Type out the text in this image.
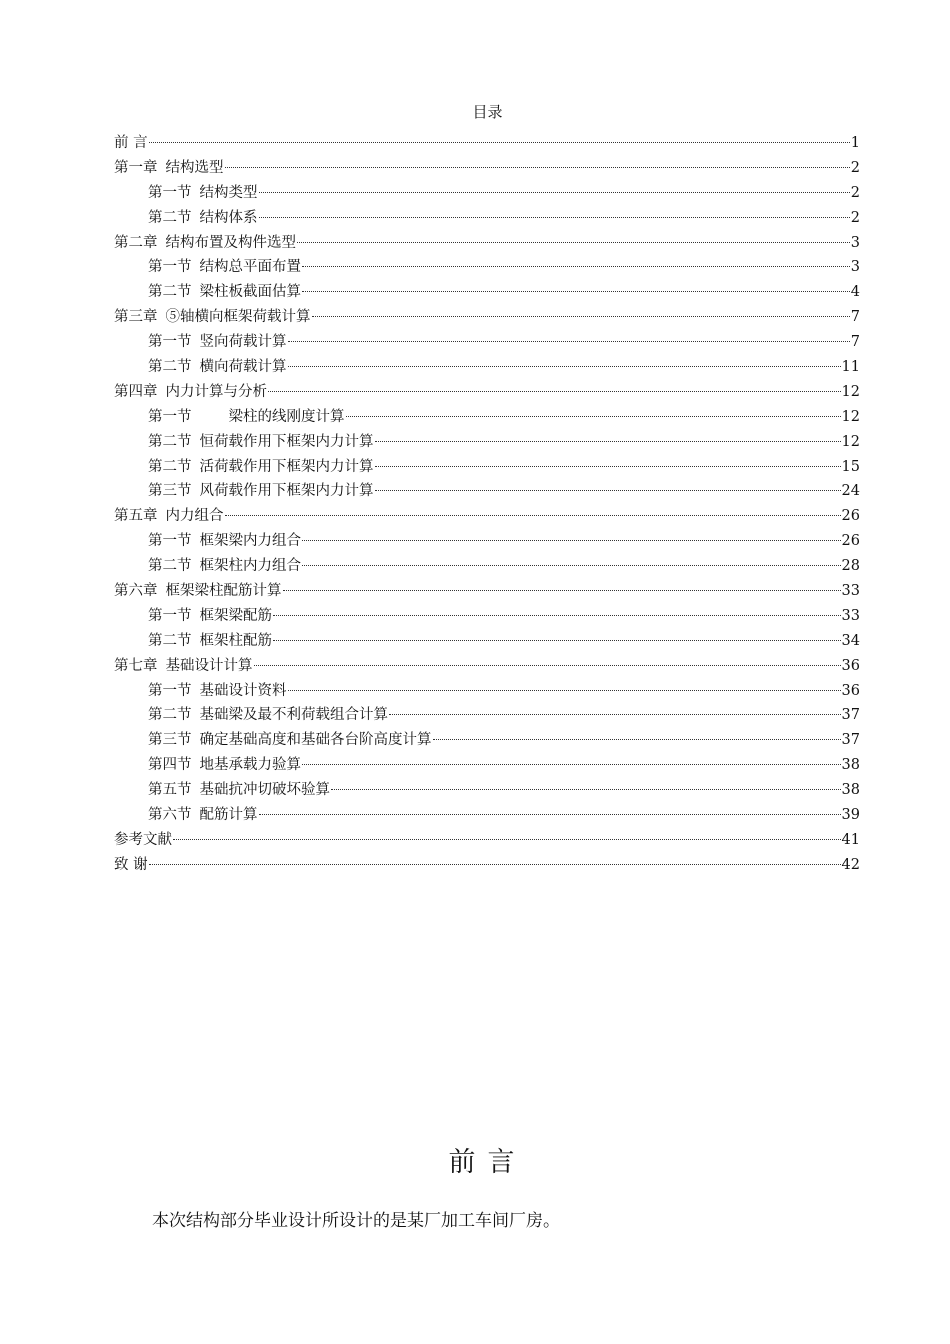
目录
前 言	1
第一章 结构选型	2
第一节 结构类型	2
第二节 结构体系	2
第二章 结构布置及构件选型	3
第一节 结构总平面布置	3
第二节 梁柱板截面估算	4
第三章 ⑤轴横向框架荷载计算	7
第一节 竖向荷载计算	7
第二节 横向荷载计算	11
第四章 内力计算与分析	12
第一节　　梁柱的线刚度计算	12
第二节 恒荷载作用下框架内力计算	12
第二节 活荷载作用下框架内力计算	15
第三节 风荷载作用下框架内力计算	24
第五章 内力组合	26
第一节 框架梁内力组合	26
第二节 框架柱内力组合	28
第六章 框架梁柱配筋计算	33
第一节 框架梁配筋	33
第二节 框架柱配筋	34
第七章 基础设计计算	36
第一节 基础设计资料	36
第二节 基础梁及最不利荷载组合计算	37
第三节 确定基础高度和基础各台阶高度计算	37
第四节 地基承载力验算	38
第五节 基础抗冲切破坏验算	38
第六节 配筋计算	39
参考文献	41
致 谢	42
前言
本次结构部分毕业设计所设计的是某厂加工车间厂房。
